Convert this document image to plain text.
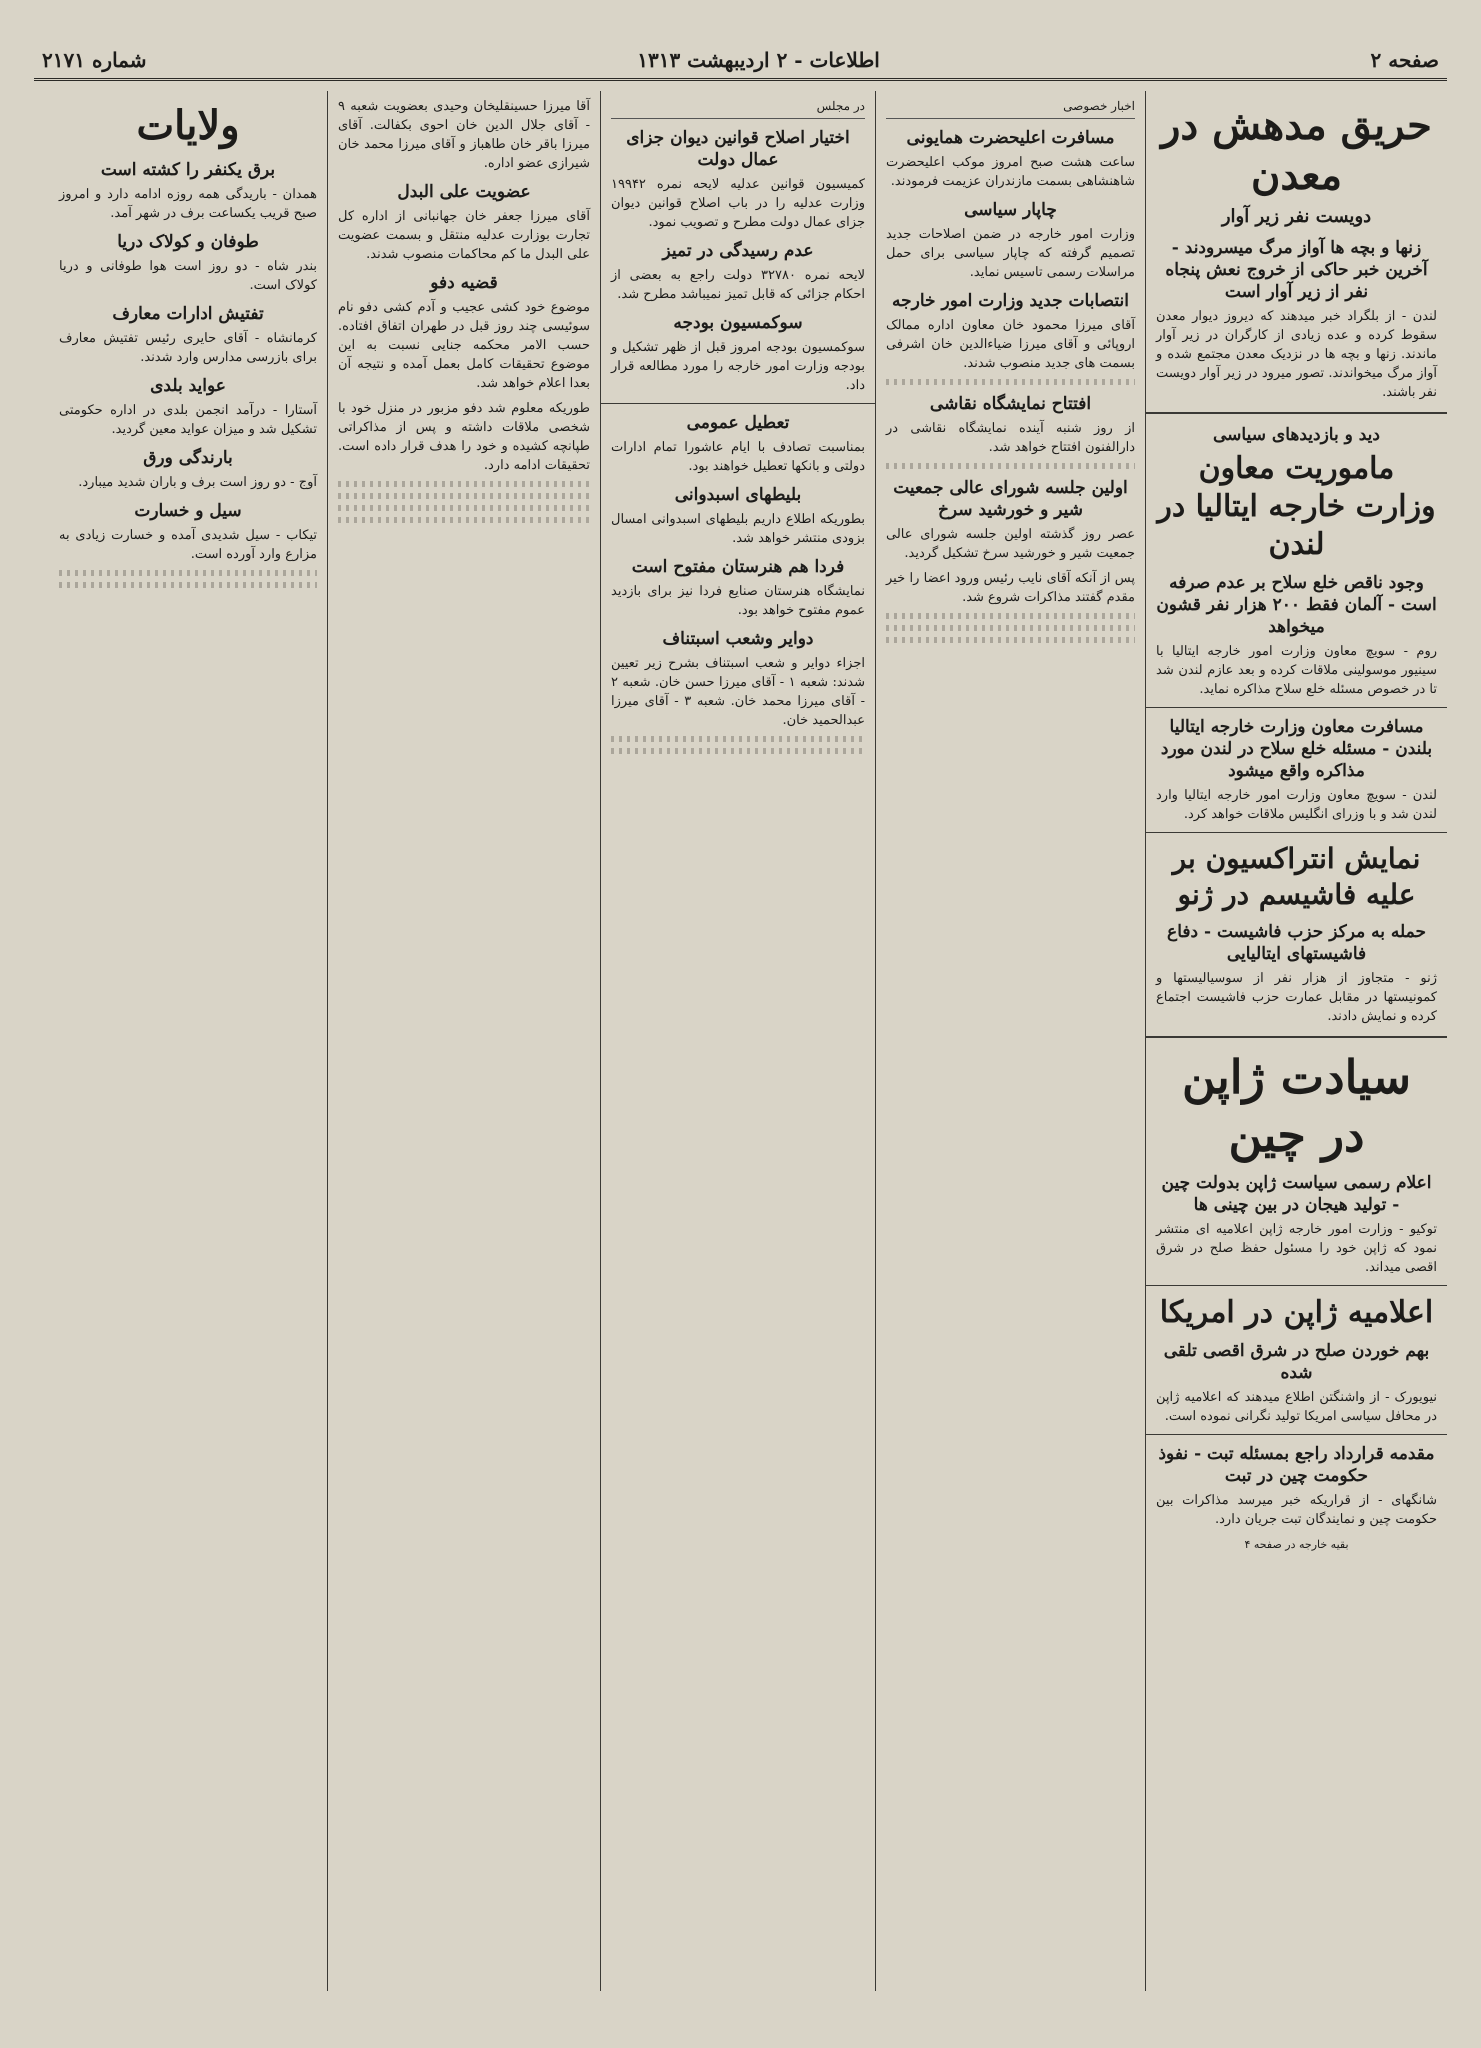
صفحه ۲
اطلاعات - ۲ اردیبهشت ۱۳۱۳
شماره ۲۱۷۱
حریق مدهش در معدن
دویست نفر زیر آوار
زنها و بچه ها آواز مرگ میسرودند - آخرین خبر حاکی از خروج نعش پنجاه نفر از زیر آوار است

لندن - از بلگراد خبر میدهند که دیروز دیوار معدن سقوط کرده و عده زیادی از کارگران در زیر آوار ماندند. زنها و بچه ها در نزدیک معدن مجتمع شده و آواز مرگ میخواندند. تصور میرود در زیر آوار دویست نفر باشند.

دید و بازدیدهای سیاسی
ماموریت معاون وزارت خارجه ایتالیا در لندن
وجود ناقص خلع سلاح بر عدم صرفه است - آلمان فقط ۲۰۰ هزار نفر قشون میخواهد

روم - سویچ معاون وزارت امور خارجه ایتالیا با سینیور موسولینی ملاقات کرده و بعد عازم لندن شد تا در خصوص مسئله خلع سلاح مذاکره نماید.

مسافرت معاون وزارت خارجه ایتالیا بلندن - مسئله خلع سلاح در لندن مورد مذاکره واقع میشود

لندن - سویچ معاون وزارت امور خارجه ایتالیا وارد لندن شد و با وزرای انگلیس ملاقات خواهد کرد.

نمایش انتراکسیون بر علیه فاشیسم در ژنو
حمله به مرکز حزب فاشیست - دفاع فاشیستهای ایتالیایی

ژنو - متجاوز از هزار نفر از سوسیالیستها و کمونیستها در مقابل عمارت حزب فاشیست اجتماع کرده و نمایش دادند.

سیادت ژاپن در چین
اعلام رسمی سیاست ژاپن بدولت چین - تولید هیجان در بین چینی ها

توکیو - وزارت امور خارجه ژاپن اعلامیه ای منتشر نمود که ژاپن خود را مسئول حفظ صلح در شرق اقصی میداند.

اعلامیه ژاپن در امریکا
بهم خوردن صلح در شرق اقصی تلقی شده

نیویورک - از واشنگتن اطلاع میدهند که اعلامیه ژاپن در محافل سیاسی امریکا تولید نگرانی نموده است.

مقدمه قرارداد راجع بمسئله تبت - نفوذ حکومت چین در تبت

شانگهای - از قراریکه خبر میرسد مذاکرات بین حکومت چین و نمایندگان تبت جریان دارد.

بقیه خارجه در صفحه ۴
اخبار خصوصی
مسافرت اعلیحضرت همایونی

ساعت هشت صبح امروز موکب اعلیحضرت شاهنشاهی بسمت مازندران عزیمت فرمودند.

چاپار سیاسی

وزارت امور خارجه در ضمن اصلاحات جدید تصمیم گرفته که چاپار سیاسی برای حمل مراسلات رسمی تاسیس نماید.

انتصابات جدید وزارت امور خارجه

آقای میرزا محمود خان معاون اداره ممالک اروپائی و آقای میرزا ضیاءالدین خان اشرفی بسمت های جدید منصوب شدند.

افتتاح نمایشگاه نقاشی

از روز شنبه آینده نمایشگاه نقاشی در دارالفنون افتتاح خواهد شد.

اولین جلسه شورای عالی جمعیت شیر و خورشید سرخ

عصر روز گذشته اولین جلسه شورای عالی جمعیت شیر و خورشید سرخ تشکیل گردید.

پس از آنکه آقای نایب رئیس ورود اعضا را خیر مقدم گفتند مذاکرات شروع شد.

در مجلس
اختیار اصلاح قوانین دیوان جزای عمال دولت

کمیسیون قوانین عدلیه لایحه نمره ۱۹۹۴۲ وزارت عدلیه را در باب اصلاح قوانین دیوان جزای عمال دولت مطرح و تصویب نمود.

عدم رسیدگی در تمیز

لایحه نمره ۳۲۷۸۰ دولت راجع به بعضی از احکام جزائی که قابل تمیز نمیباشد مطرح شد.

سوکمسیون بودجه

سوکمسیون بودجه امروز قبل از ظهر تشکیل و بودجه وزارت امور خارجه را مورد مطالعه قرار داد.

تعطیل عمومی

بمناسبت تصادف با ایام عاشورا تمام ادارات دولتی و بانکها تعطیل خواهند بود.

بلیطهای اسبدوانی

بطوریکه اطلاع داریم بلیطهای اسبدوانی امسال بزودی منتشر خواهد شد.

فردا هم هنرستان مفتوح است

نمایشگاه هنرستان صنایع فردا نیز برای بازدید عموم مفتوح خواهد بود.

دوایر وشعب اسبتناف

اجزاء دوایر و شعب اسبتناف بشرح زیر تعیین شدند: شعبه ۱ - آقای میرزا حسن خان. شعبه ۲ - آقای میرزا محمد خان. شعبه ۳ - آقای میرزا عبدالحمید خان.

آقا میرزا حسینقلیخان وحیدی بعضویت شعبه ۹ - آقای جلال الدین خان احوی بکفالت. آقای میرزا باقر خان طاهباز و آقای میرزا محمد خان شیرازی عضو اداره.

عضویت علی البدل

آقای میرزا جعفر خان جهانبانی از اداره کل تجارت بوزارت عدلیه منتقل و بسمت عضویت علی البدل ما کم محاکمات منصوب شدند.

قضیه دفو

موضوع خود کشی عجیب و آدم کشی دفو نام سوئیسی چند روز قبل در طهران اتفاق افتاده. حسب الامر محکمه جنایی نسبت به این موضوع تحقیقات کامل بعمل آمده و نتیجه آن بعدا اعلام خواهد شد.

طوریکه معلوم شد دفو مزبور در منزل خود با شخصی ملاقات داشته و پس از مذاکراتی طپانچه کشیده و خود را هدف قرار داده است. تحقیقات ادامه دارد.

ولایات
برق یکنفر را کشته است

همدان - باریدگی همه روزه ادامه دارد و امروز صبح قریب یکساعت برف در شهر آمد.

طوفان و کولاک دریا

بندر شاه - دو روز است هوا طوفانی و دریا کولاک است.

تفتیش ادارات معارف

کرمانشاه - آقای حایری رئیس تفتیش معارف برای بازرسی مدارس وارد شدند.

عواید بلدی

آستارا - درآمد انجمن بلدی در اداره حکومتی تشکیل شد و میزان عواید معین گردید.

بارندگی ورق

آوج - دو روز است برف و باران شدید میبارد.

سیل و خسارت

تیکاب - سیل شدیدی آمده و خسارت زیادی به مزارع وارد آورده است.
